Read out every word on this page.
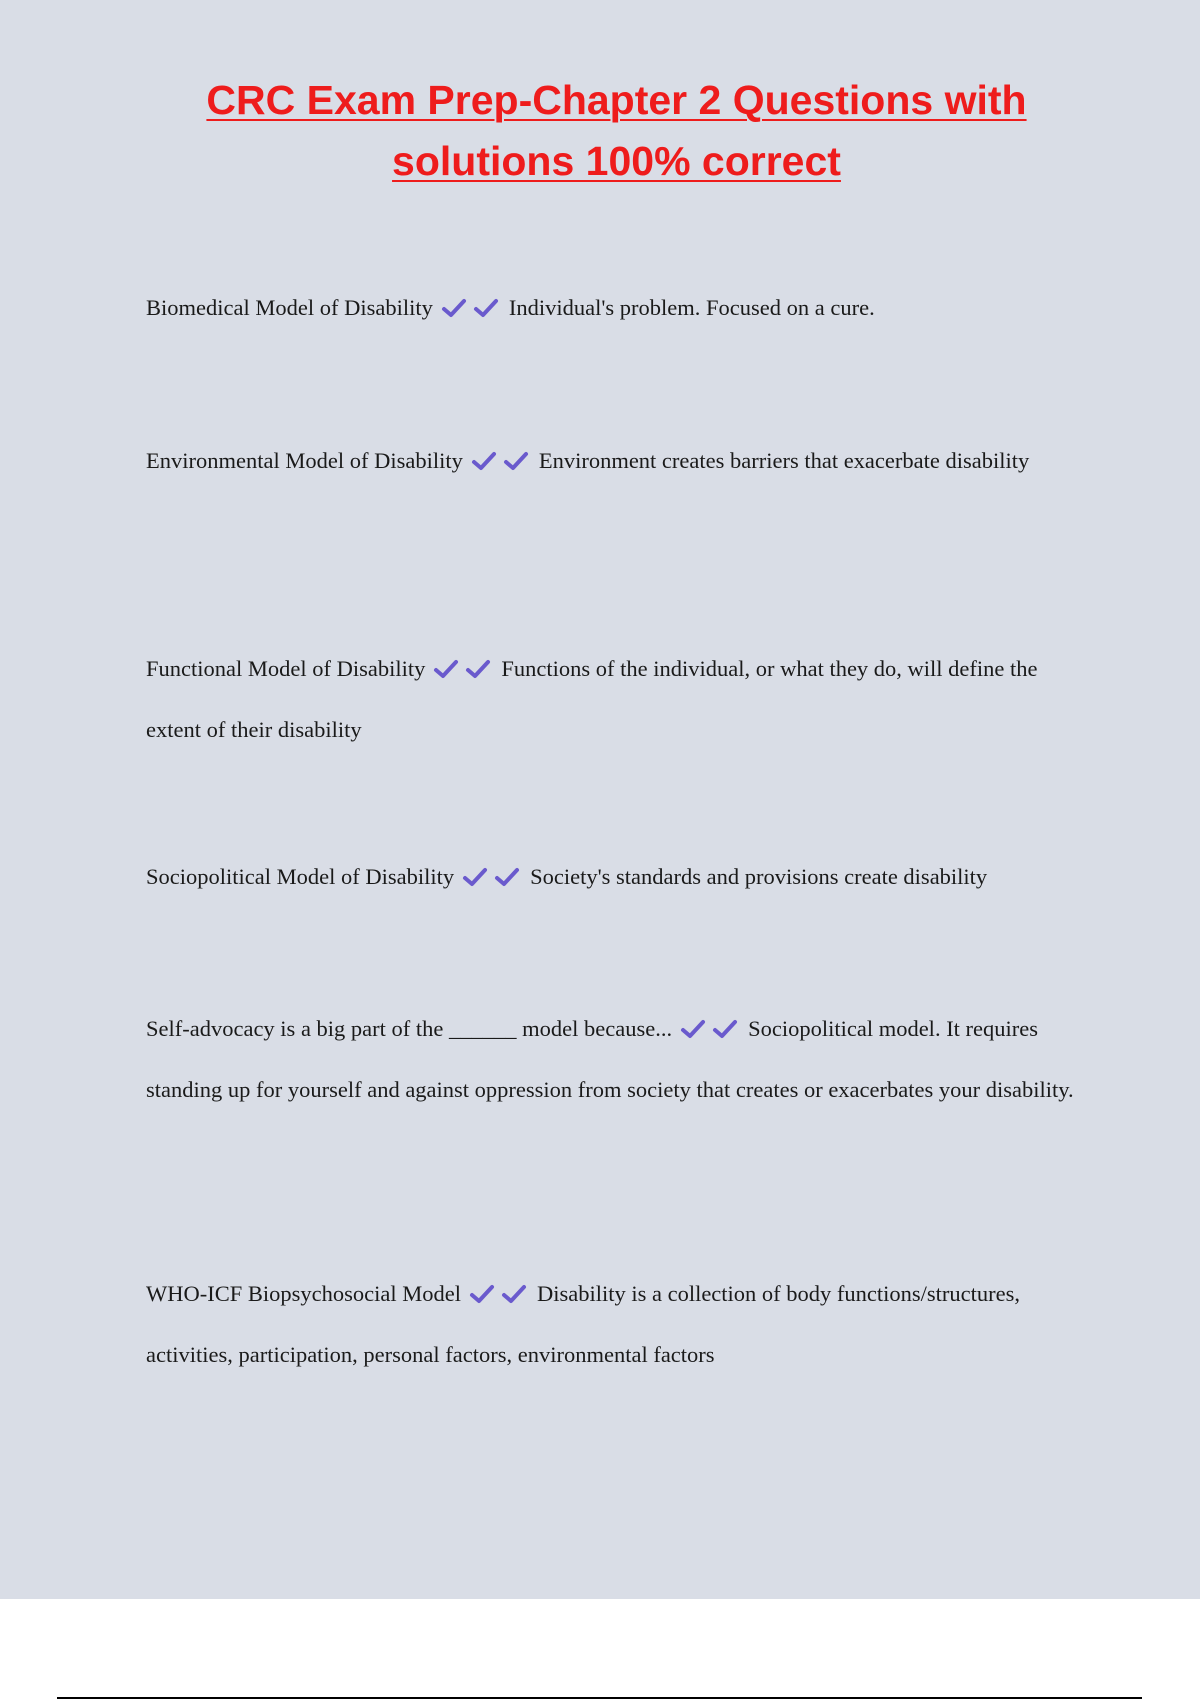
CRC Exam Prep-Chapter 2 Questions with
solutions 100% correct

Biomedical Model of Disability	Individual's problem. Focused on a cure.

Environmental Model of Disability	Environment creates barriers that exacerbate disability

Functional Model of Disability	Functions of the individual, or what they do, will define the extent of their disability

Sociopolitical Model of Disability	Society's standards and provisions create disability

Self-advocacy is a big part of the ______ model because...	Sociopolitical model. It requires standing up for yourself and against oppression from society that creates or exacerbates your disability.

WHO-ICF Biopsychosocial Model	Disability is a collection of body functions/structures, activities, participation, personal factors, environmental factors
